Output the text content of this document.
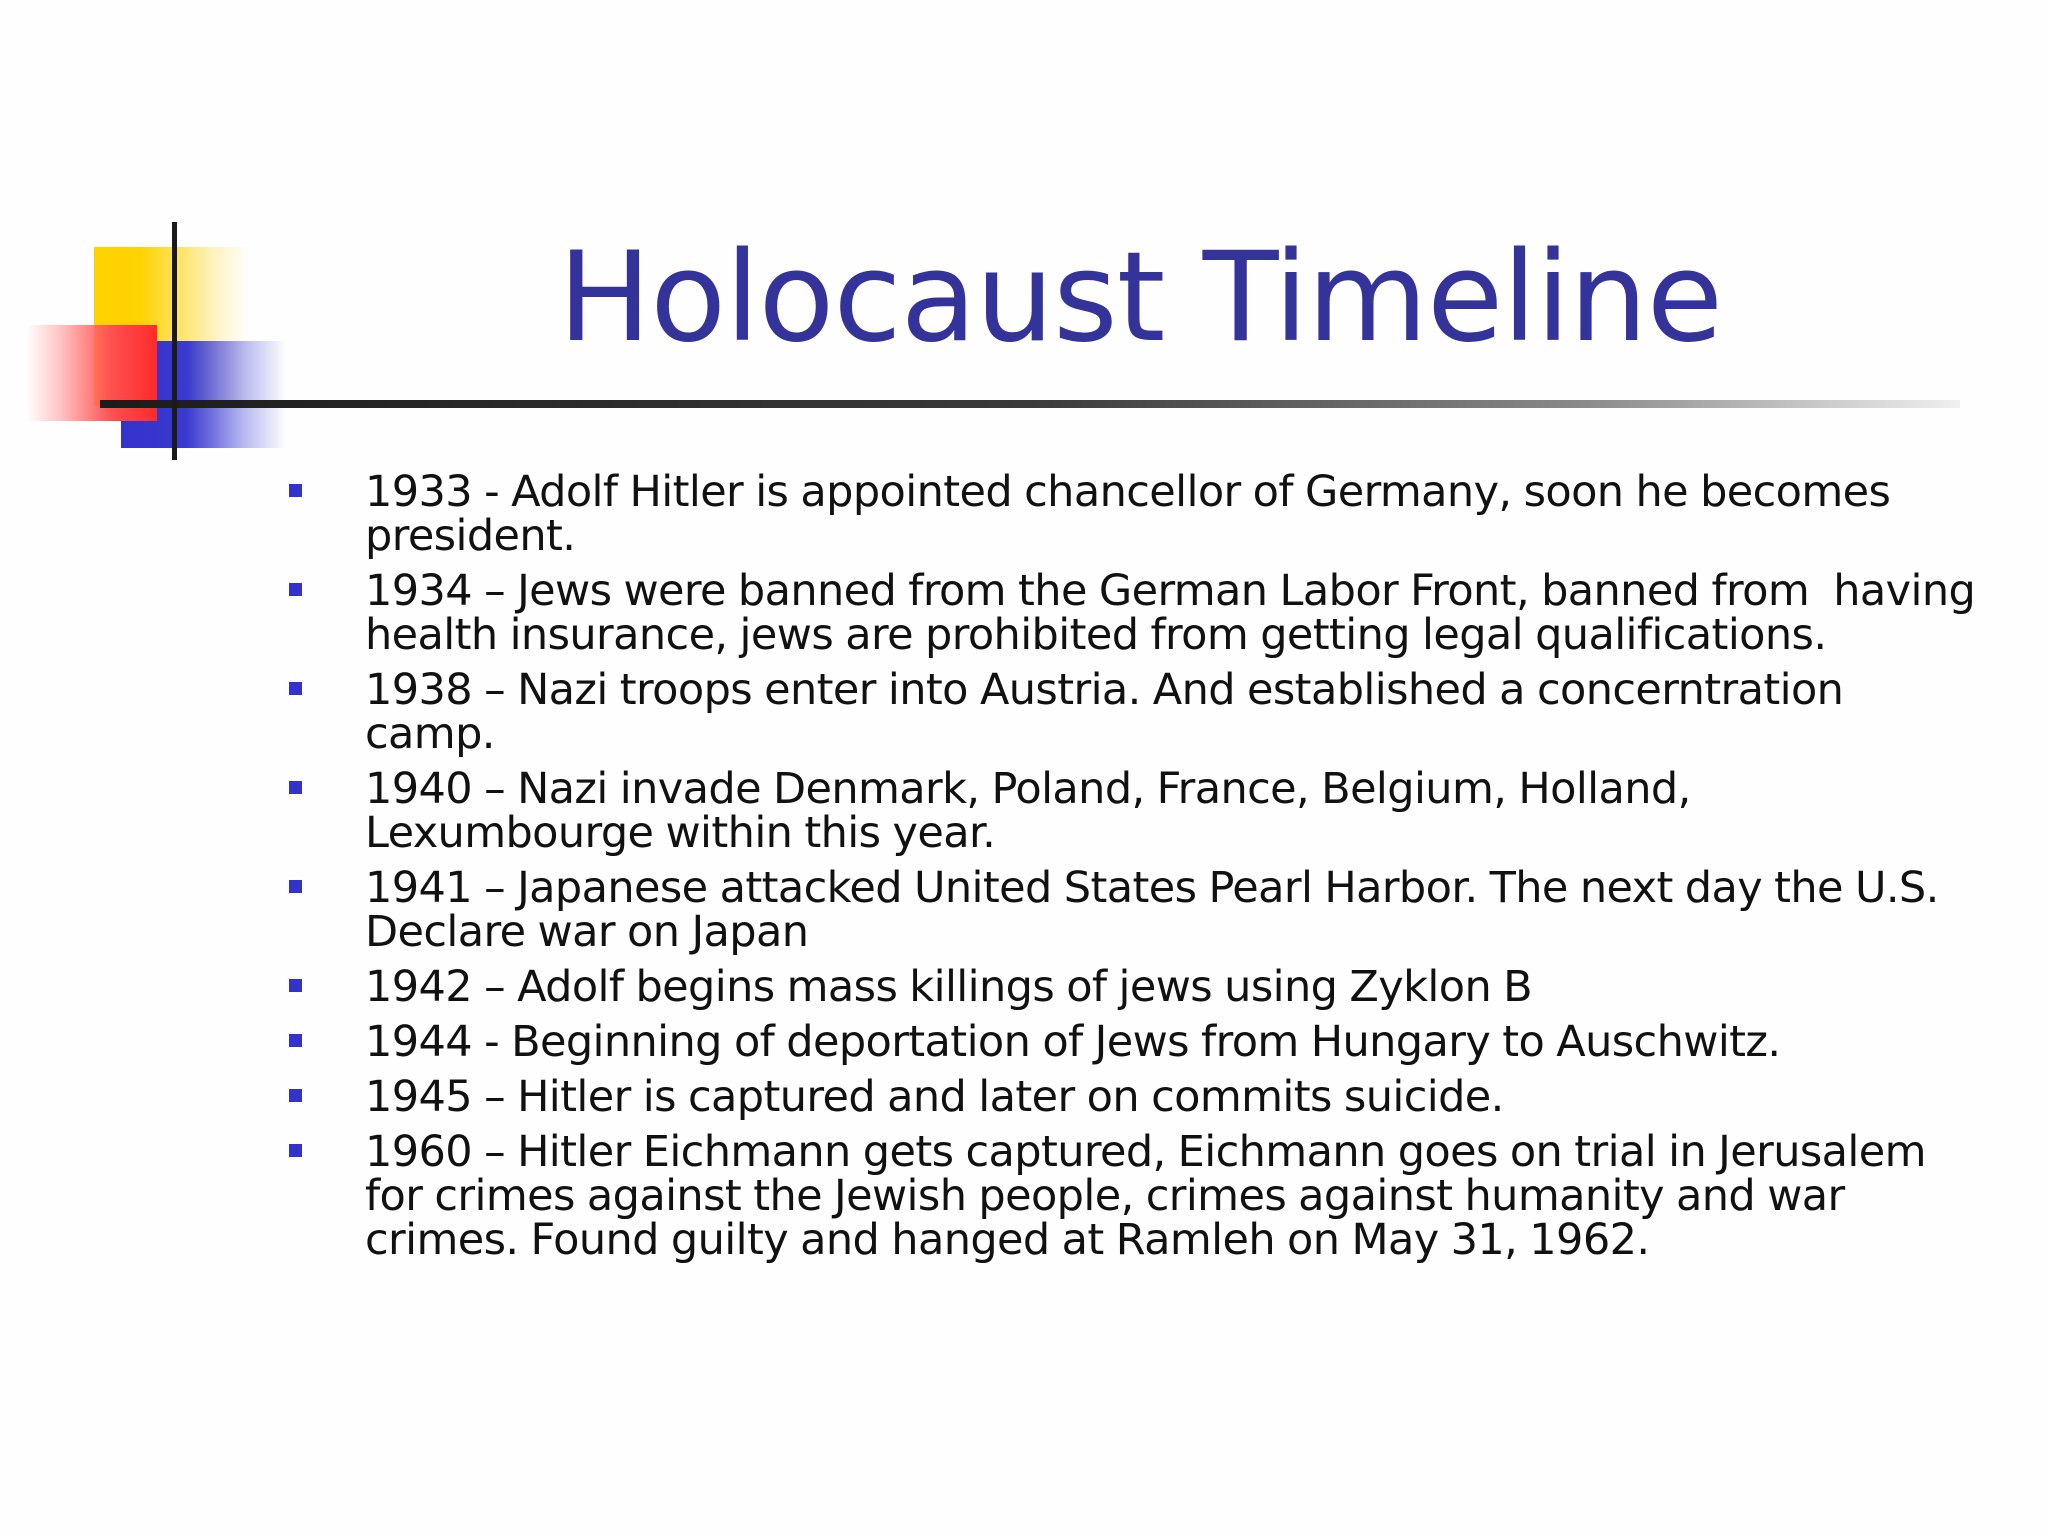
Holocaust Timeline
1933 - Adolf Hitler is appointed chancellor of Germany, soon he becomes president.
1934 – Jews were banned from the German Labor Front, banned from  having health insurance, jews are prohibited from getting legal qualifications.
1938 – Nazi troops enter into Austria. And established a concerntration camp.
1940 – Nazi invade Denmark, Poland, France, Belgium, Holland, Lexumbourge within this year.
1941 – Japanese attacked United States Pearl Harbor. The next day the U.S. Declare war on Japan
1942 – Adolf begins mass killings of jews using Zyklon B
1944 - Beginning of deportation of Jews from Hungary to Auschwitz.
1945 – Hitler is captured and later on commits suicide.
1960 – Hitler Eichmann gets captured, Eichmann goes on trial in Jerusalem for crimes against the Jewish people, crimes against humanity and war crimes. Found guilty and hanged at Ramleh on May 31, 1962.
